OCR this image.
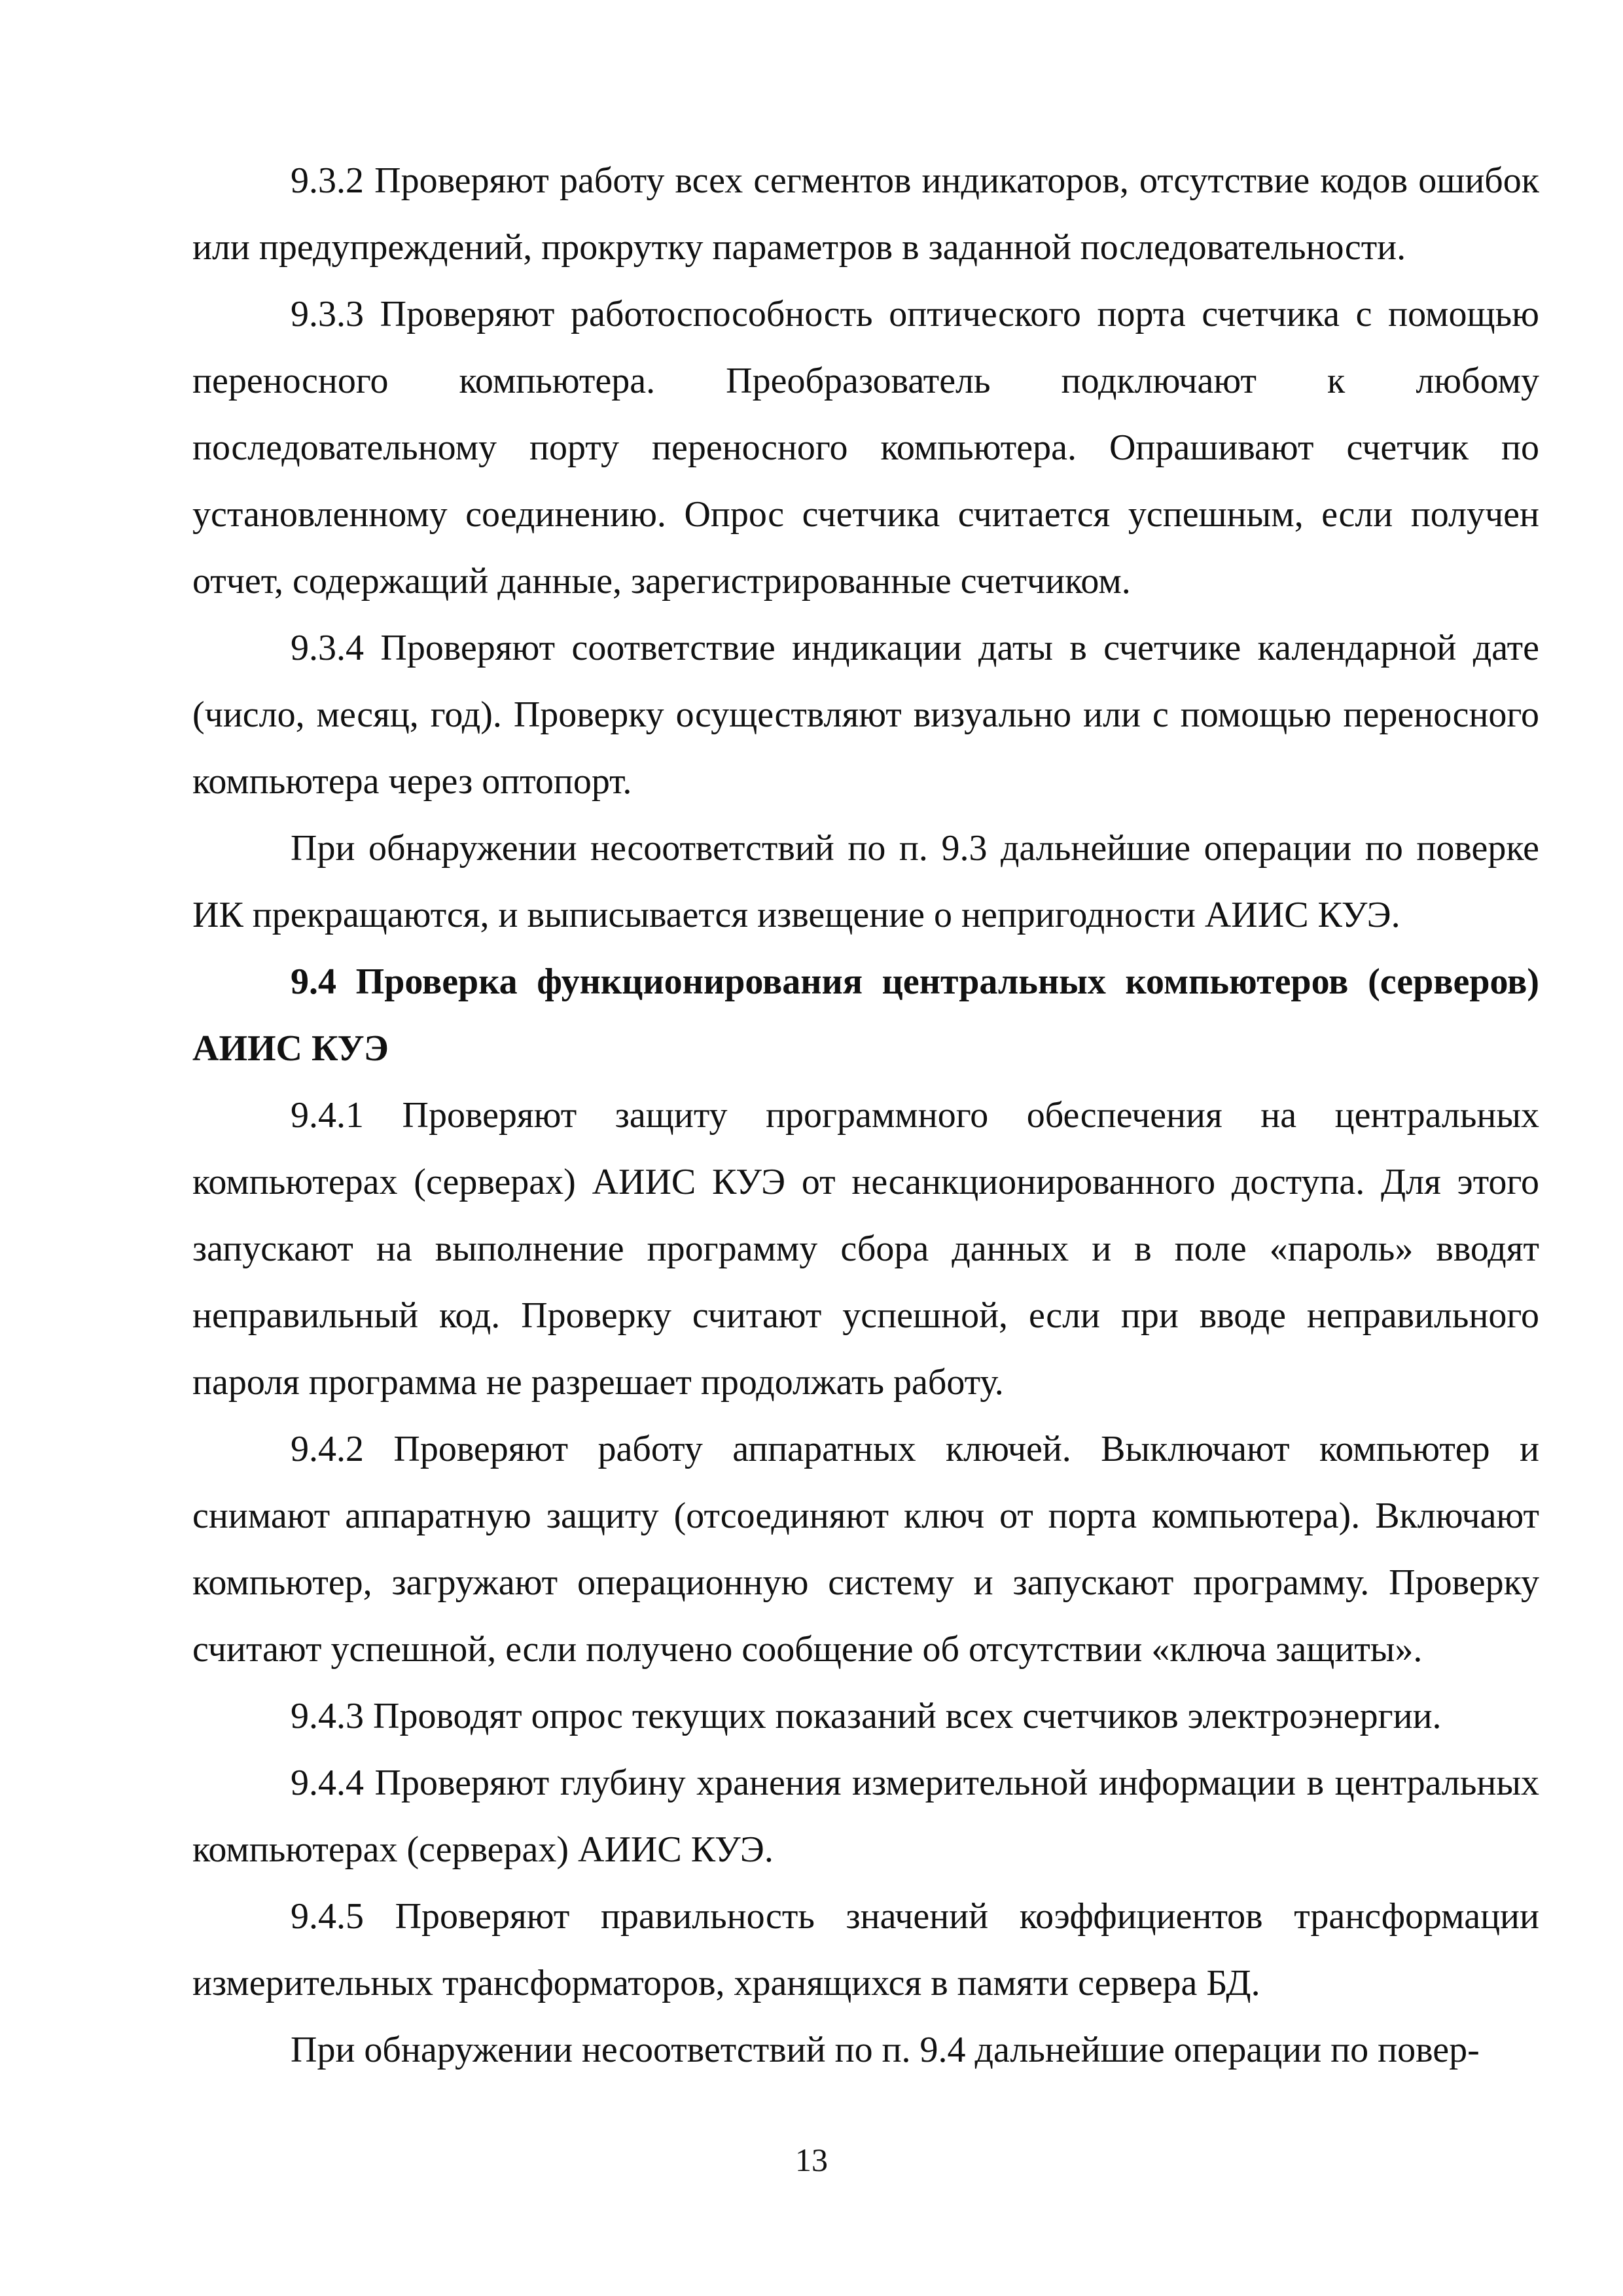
9.3.2 Проверяют работу всех сегментов индикаторов, отсутствие кодов ошибок или предупреждений, прокрутку параметров в заданной последовательности.

9.3.3 Проверяют работоспособность оптического порта счетчика с помощью переносного компьютера. Преобразователь подключают к любому последовательному порту переносного компьютера. Опрашивают счетчик по установленному соединению. Опрос счетчика считается успешным, если получен отчет, содержащий данные, зарегистрированные счетчиком.

9.3.4 Проверяют соответствие индикации даты в счетчике календарной дате (число, месяц, год). Проверку осуществляют визуально или с помощью переносного компьютера через оптопорт.

При обнаружении несоответствий по п. 9.3 дальнейшие операции по поверке ИК прекращаются, и выписывается извещение о непригодности АИИС КУЭ.

9.4 Проверка функционирования центральных компьютеров (серверов) АИИС КУЭ

9.4.1 Проверяют защиту программного обеспечения на центральных компьютерах (серверах) АИИС КУЭ от несанкционированного доступа. Для этого запускают на выполнение программу сбора данных и в поле «пароль» вводят неправильный код. Проверку считают успешной, если при вводе неправильного пароля программа не разрешает продолжать работу.

9.4.2 Проверяют работу аппаратных ключей. Выключают компьютер и снимают аппаратную защиту (отсоединяют ключ от порта компьютера). Включают компьютер, загружают операционную систему и запускают программу. Проверку считают успешной, если получено сообщение об отсутствии «ключа защиты».

9.4.3 Проводят опрос текущих показаний всех счетчиков электроэнергии.

9.4.4 Проверяют глубину хранения измерительной информации в центральных компьютерах (серверах) АИИС КУЭ.

9.4.5 Проверяют правильность значений коэффициентов трансформации измерительных трансформаторов, хранящихся в памяти сервера БД.

При обнаружении несоответствий по п. 9.4 дальнейшие операции по повер-

13
